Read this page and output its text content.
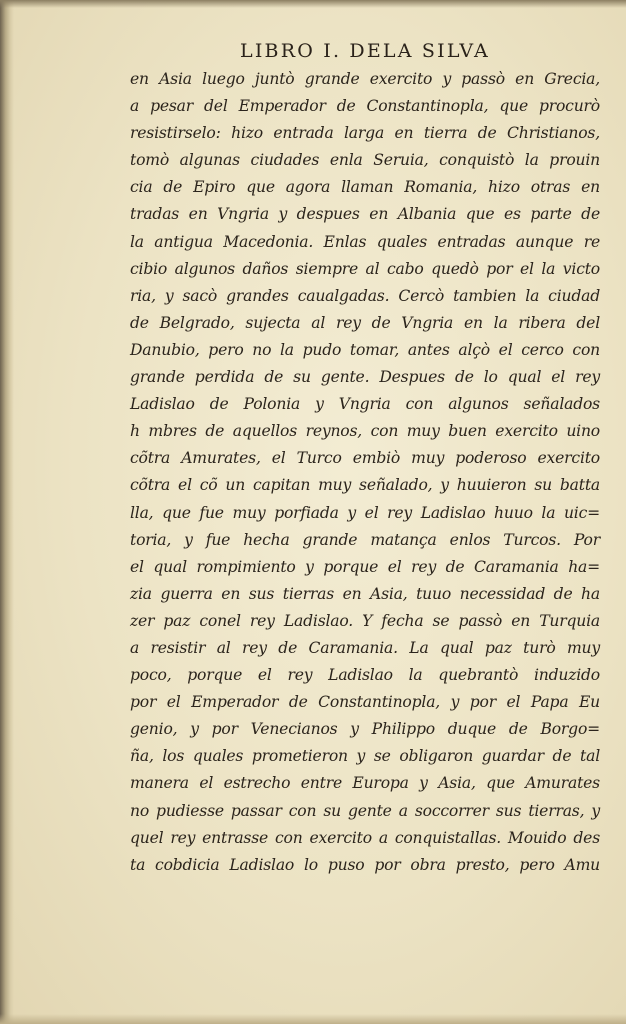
LIBRO I. DELA SILVA
en Asia luego juntò grande exercito y passò en Grecia,
a pesar del Emperador de Constantinopla, que procurò
resistirselo: hizo entrada larga en tierra de Christianos,
tomò algunas ciudades enla Seruia, conquistò la prouin
cia de Epiro que agora llaman Romania, hizo otras en
tradas en Vngria y despues en Albania que es parte de
la antigua Macedonia. Enlas quales entradas aunque re
cibio algunos daños siempre al cabo quedò por el la victo
ria, y sacò grandes caualgadas. Cercò tambien la ciudad
de Belgrado, sujecta al rey de Vngria en la ribera del
Danubio, pero no la pudo tomar, antes alçò el cerco con
grande perdida de su gente. Despues de lo qual el rey
Ladislao de Polonia y Vngria con algunos señalados
h mbres de aquellos reynos, con muy buen exercito uino
cõtra Amurates, el Turco embiò muy poderoso exercito
cõtra el cõ un capitan muy señalado, y huuieron su batta
lla, que fue muy porfiada y el rey Ladislao huuo la uic=
toria, y fue hecha grande matança enlos Turcos. Por
el qual rompimiento y porque el rey de Caramania ha=
zia guerra en sus tierras en Asia, tuuo necessidad de ha
zer paz conel rey Ladislao. Y fecha se passò en Turquia
a resistir al rey de Caramania. La qual paz turò muy
poco, porque el rey Ladislao la quebrantò induzido
por el Emperador de Constantinopla, y por el Papa Eu
genio, y por Venecianos y Philippo duque de Borgo=
ña, los quales prometieron y se obligaron guardar de tal
manera el estrecho entre Europa y Asia, que Amurates
no pudiesse passar con su gente a soccorrer sus tierras, y
quel rey entrasse con exercito a conquistallas. Mouido des
ta cobdicia Ladislao lo puso por obra presto, pero Amu
